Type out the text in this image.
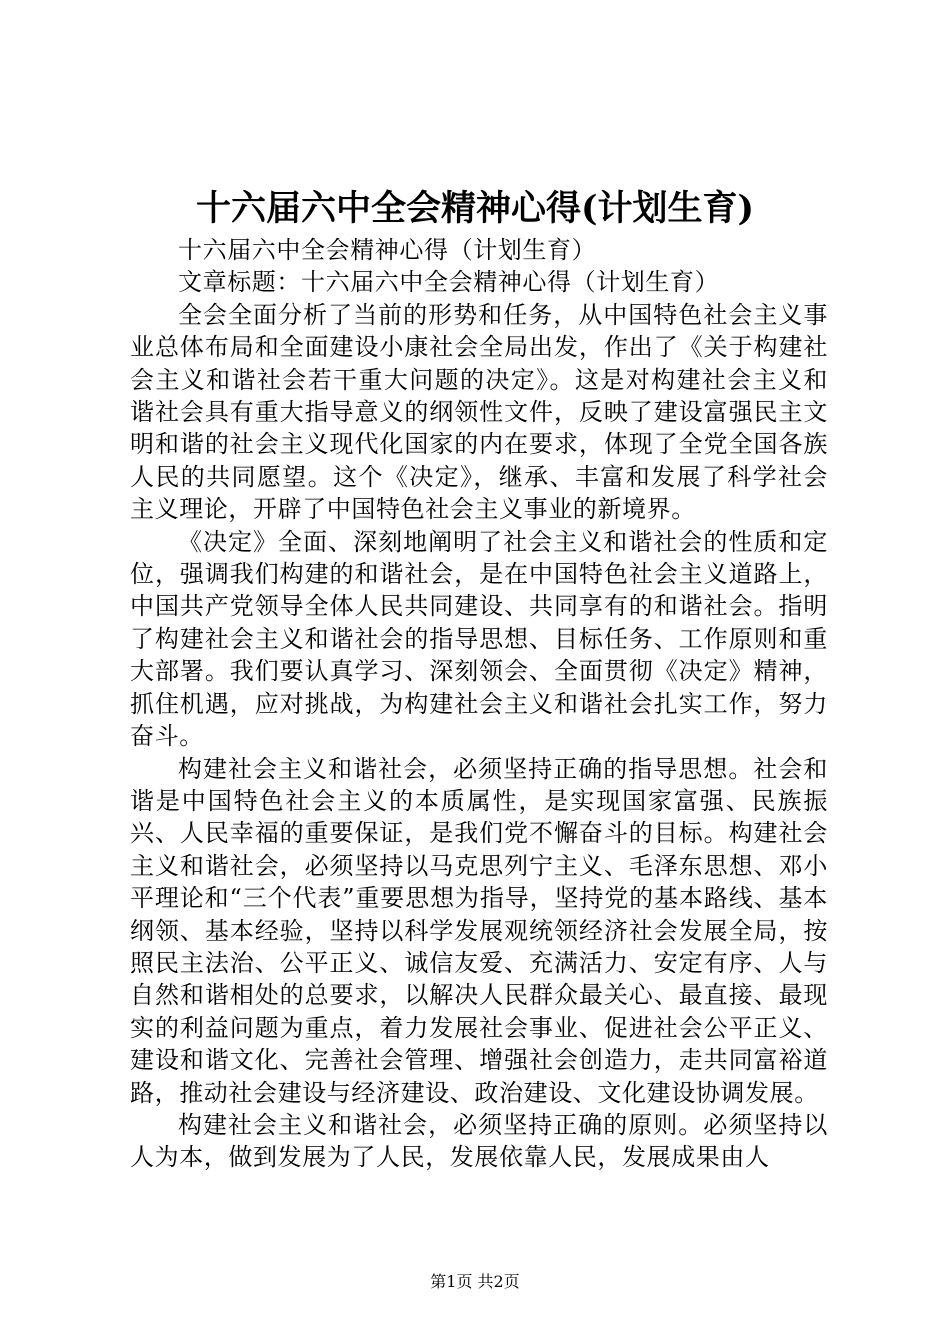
十六届六中全会精神心得(计划生育)

十六届六中全会精神心得（计划生育）

文章标题：十六届六中全会精神心得（计划生育）

全会全面分析了当前的形势和任务，从中国特色社会主义事业总体布局和全面建设小康社会全局出发，作出了《关于构建社会主义和谐社会若干重大问题的决定》。这是对构建社会主义和谐社会具有重大指导意义的纲领性文件，反映了建设富强民主文明和谐的社会主义现代化国家的内在要求，体现了全党全国各族人民的共同愿望。这个《决定》，继承、丰富和发展了科学社会主义理论，开辟了中国特色社会主义事业的新境界。

《决定》全面、深刻地阐明了社会主义和谐社会的性质和定位，强调我们构建的和谐社会，是在中国特色社会主义道路上，中国共产党领导全体人民共同建设、共同享有的和谐社会。指明了构建社会主义和谐社会的指导思想、目标任务、工作原则和重大部署。我们要认真学习、深刻领会、全面贯彻《决定》精神，抓住机遇，应对挑战，为构建社会主义和谐社会扎实工作，努力奋斗。

构建社会主义和谐社会，必须坚持正确的指导思想。社会和谐是中国特色社会主义的本质属性，是实现国家富强、民族振兴、人民幸福的重要保证，是我们党不懈奋斗的目标。构建社会主义和谐社会，必须坚持以马克思列宁主义、毛泽东思想、邓小平理论和“三个代表”重要思想为指导，坚持党的基本路线、基本纲领、基本经验，坚持以科学发展观统领经济社会发展全局，按照民主法治、公平正义、诚信友爱、充满活力、安定有序、人与自然和谐相处的总要求，以解决人民群众最关心、最直接、最现实的利益问题为重点，着力发展社会事业、促进社会公平正义、建设和谐文化、完善社会管理、增强社会创造力，走共同富裕道路，推动社会建设与经济建设、政治建设、文化建设协调发展。

构建社会主义和谐社会，必须坚持正确的原则。必须坚持以人为本，做到发展为了人民，发展依靠人民，发展成果由人

第1页 共2页
